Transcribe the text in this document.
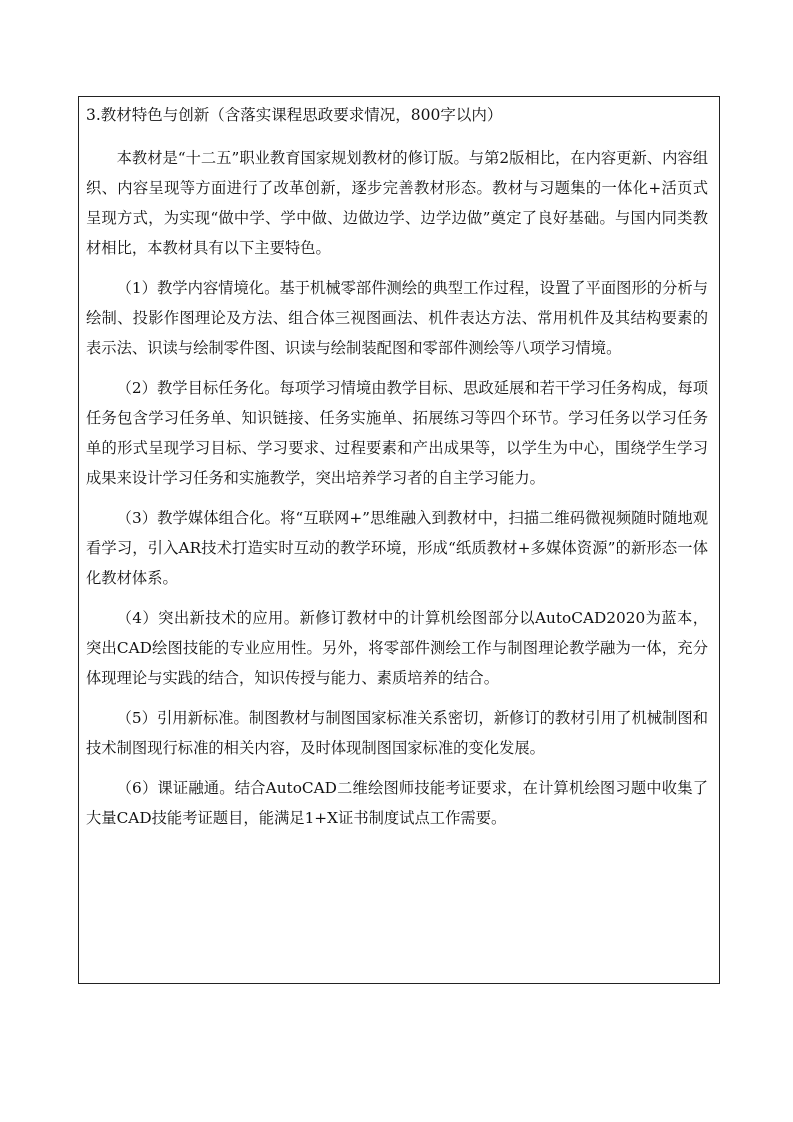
3.教材特色与创新（含落实课程思政要求情况，800字以内）

本教材是“十二五”职业教育国家规划教材的修订版。与第2版相比，在内容更新、内容组织、内容呈现等方面进行了改革创新，逐步完善教材形态。教材与习题集的一体化+活页式呈现方式，为实现“做中学、学中做、边做边学、边学边做”奠定了良好基础。与国内同类教材相比，本教材具有以下主要特色。

（1）教学内容情境化。基于机械零部件测绘的典型工作过程，设置了平面图形的分析与绘制、投影作图理论及方法、组合体三视图画法、机件表达方法、常用机件及其结构要素的表示法、识读与绘制零件图、识读与绘制装配图和零部件测绘等八项学习情境。

（2）教学目标任务化。每项学习情境由教学目标、思政延展和若干学习任务构成，每项任务包含学习任务单、知识链接、任务实施单、拓展练习等四个环节。学习任务以学习任务单的形式呈现学习目标、学习要求、过程要素和产出成果等，以学生为中心，围绕学生学习成果来设计学习任务和实施教学，突出培养学习者的自主学习能力。

（3）教学媒体组合化。将“互联网+”思维融入到教材中，扫描二维码微视频随时随地观看学习，引入AR技术打造实时互动的教学环境，形成“纸质教材+多媒体资源”的新形态一体化教材体系。

（4）突出新技术的应用。新修订教材中的计算机绘图部分以AutoCAD2020为蓝本，突出CAD绘图技能的专业应用性。另外，将零部件测绘工作与制图理论教学融为一体，充分体现理论与实践的结合，知识传授与能力、素质培养的结合。

（5）引用新标准。制图教材与制图国家标准关系密切，新修订的教材引用了机械制图和技术制图现行标准的相关内容，及时体现制图国家标准的变化发展。

（6）课证融通。结合AutoCAD二维绘图师技能考证要求，在计算机绘图习题中收集了大量CAD技能考证题目，能满足1+X证书制度试点工作需要。
